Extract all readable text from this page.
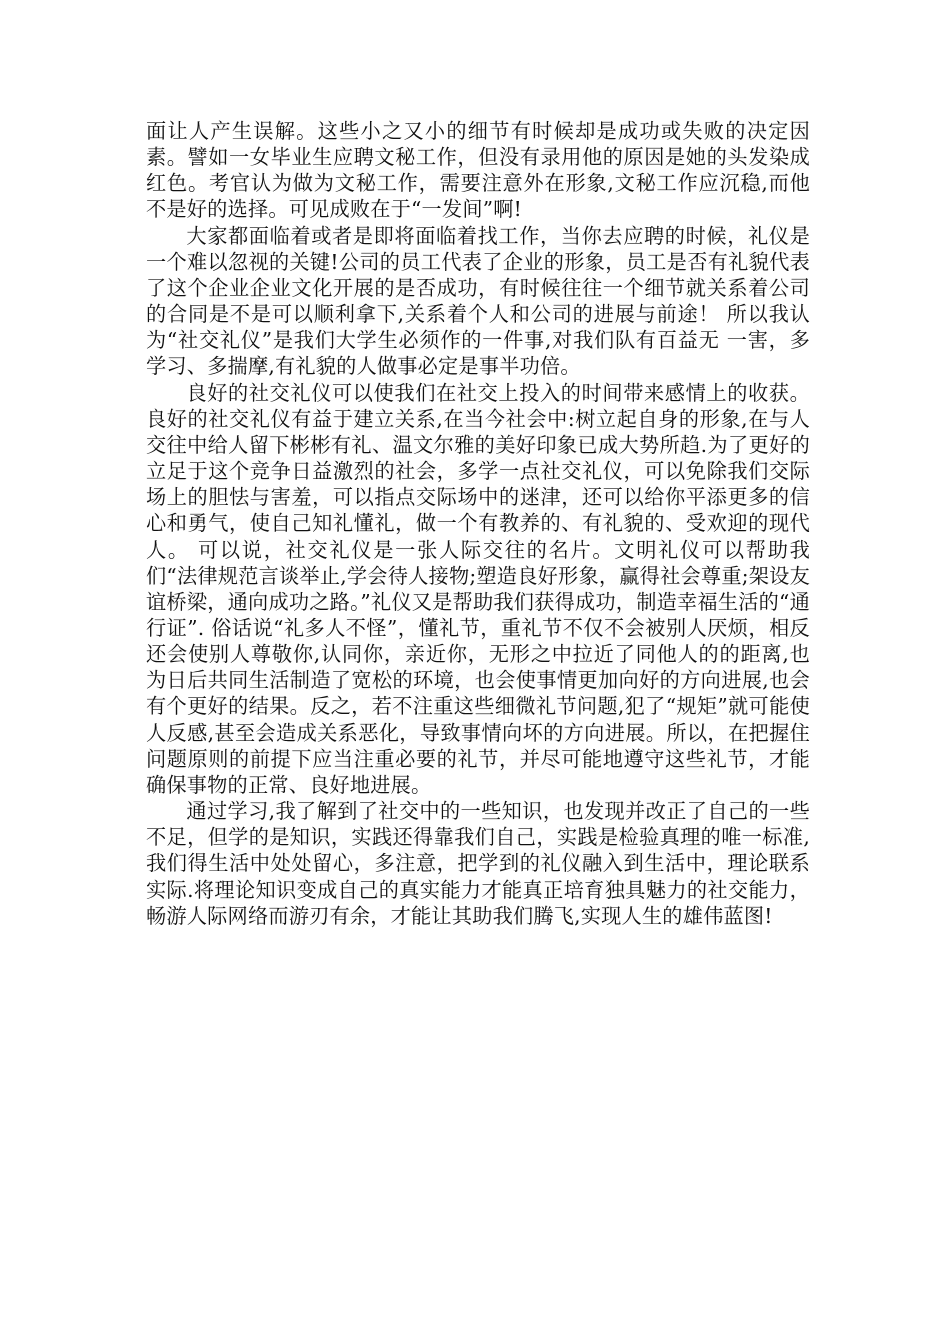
面让人产生误解。这些小之又小的细节有时候却是成功或失败的决定因素。譬如一女毕业生应聘文秘工作，但没有录用他的原因是她的头发染成红色。考官认为做为文秘工作，需要注意外在形象,文秘工作应沉稳,而他不是好的选择。可见成败在于“一发间”啊!

大家都面临着或者是即将面临着找工作，当你去应聘的时候，礼仪是一个难以忽视的关键!公司的员工代表了企业的形象，员工是否有礼貌代表了这个企业企业文化开展的是否成功，有时候往往一个细节就关系着公司的合同是不是可以顺利拿下,关系着个人和公司的进展与前途！ 所以我认为“社交礼仪”是我们大学生必须作的一件事,对我们队有百益无 一害，多学习、多揣摩,有礼貌的人做事必定是事半功倍。

良好的社交礼仪可以使我们在社交上投入的时间带来感情上的收获。良好的社交礼仪有益于建立关系,在当今社会中:树立起自身的形象,在与人交往中给人留下彬彬有礼、温文尔雅的美好印象已成大势所趋.为了更好的立足于这个竞争日益激烈的社会，多学一点社交礼仪，可以免除我们交际场上的胆怯与害羞，可以指点交际场中的迷津，还可以给你平添更多的信心和勇气，使自己知礼懂礼，做一个有教养的、有礼貌的、受欢迎的现代人。 可以说，社交礼仪是一张人际交往的名片。文明礼仪可以帮助我们“法律规范言谈举止,学会待人接物;塑造良好形象，赢得社会尊重;架设友谊桥梁，通向成功之路。”礼仪又是帮助我们获得成功，制造幸福生活的“通行证”. 俗话说“礼多人不怪”，懂礼节，重礼节不仅不会被别人厌烦，相反还会使别人尊敬你,认同你，亲近你，无形之中拉近了同他人的的距离,也为日后共同生活制造了宽松的环境，也会使事情更加向好的方向进展,也会有个更好的结果。反之，若不注重这些细微礼节问题,犯了“规矩”就可能使人反感,甚至会造成关系恶化，导致事情向坏的方向进展。所以，在把握住问题原则的前提下应当注重必要的礼节，并尽可能地遵守这些礼节，才能确保事物的正常、良好地进展。

通过学习,我了解到了社交中的一些知识，也发现并改正了自己的一些不足，但学的是知识，实践还得靠我们自己，实践是检验真理的唯一标准,我们得生活中处处留心，多注意，把学到的礼仪融入到生活中，理论联系实际.将理论知识变成自己的真实能力才能真正培育独具魅力的社交能力，畅游人际网络而游刃有余，才能让其助我们腾飞,实现人生的雄伟蓝图!
